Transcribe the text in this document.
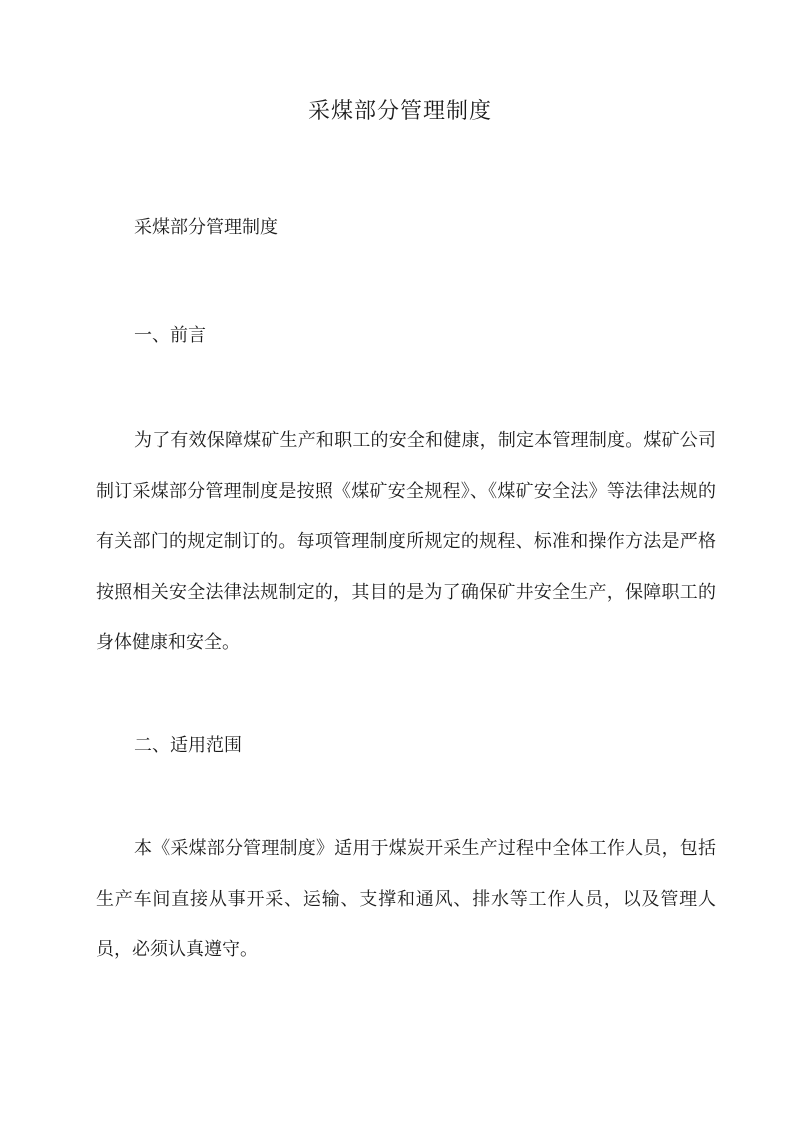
采煤部分管理制度

采煤部分管理制度

一、前言

为了有效保障煤矿生产和职工的安全和健康，制定本管理制度。煤矿公司制订采煤部分管理制度是按照《煤矿安全规程》、《煤矿安全法》等法律法规的有关部门的规定制订的。每项管理制度所规定的规程、标准和操作方法是严格按照相关安全法律法规制定的，其目的是为了确保矿井安全生产，保障职工的身体健康和安全。

二、适用范围

本《采煤部分管理制度》适用于煤炭开采生产过程中全体工作人员，包括生产车间直接从事开采、运输、支撑和通风、排水等工作人员，以及管理人员，必须认真遵守。
